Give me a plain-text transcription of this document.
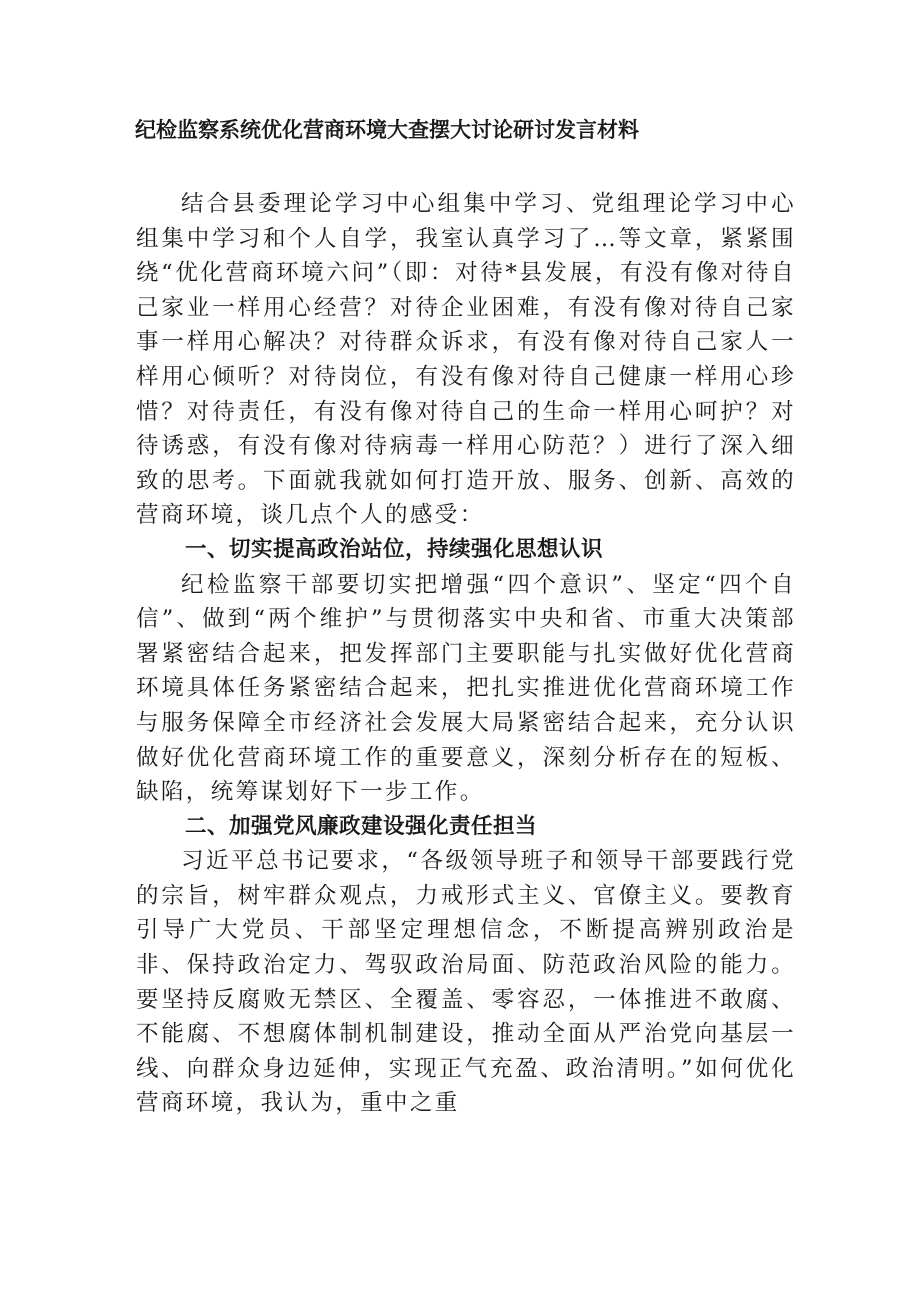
纪检监察系统优化营商环境大查摆大讨论研讨发言材料

结合县委理论学习中心组集中学习、党组理论学习中心组集中学习和个人自学，我室认真学习了…等文章，紧紧围绕“优化营商环境六问”（即：对待*县发展，有没有像对待自己家业一样用心经营？对待企业困难，有没有像对待自己家事一样用心解决？对待群众诉求，有没有像对待自己家人一样用心倾听？对待岗位，有没有像对待自己健康一样用心珍惜？对待责任，有没有像对待自己的生命一样用心呵护？对待诱惑，有没有像对待病毒一样用心防范？）进行了深入细致的思考。下面就我就如何打造开放、服务、创新、高效的营商环境，谈几点个人的感受：

一、切实提高政治站位，持续强化思想认识

纪检监察干部要切实把增强“四个意识”、坚定“四个自信”、做到“两个维护”与贯彻落实中央和省、市重大决策部署紧密结合起来，把发挥部门主要职能与扎实做好优化营商环境具体任务紧密结合起来，把扎实推进优化营商环境工作与服务保障全市经济社会发展大局紧密结合起来，充分认识做好优化营商环境工作的重要意义，深刻分析存在的短板、缺陷，统筹谋划好下一步工作。

二、加强党风廉政建设强化责任担当

习近平总书记要求，“各级领导班子和领导干部要践行党的宗旨，树牢群众观点，力戒形式主义、官僚主义。要教育引导广大党员、干部坚定理想信念，不断提高辨别政治是非、保持政治定力、驾驭政治局面、防范政治风险的能力。要坚持反腐败无禁区、全覆盖、零容忍，一体推进不敢腐、不能腐、不想腐体制机制建设，推动全面从严治党向基层一线、向群众身边延伸，实现正气充盈、政治清明。”如何优化营商环境，我认为，重中之重
